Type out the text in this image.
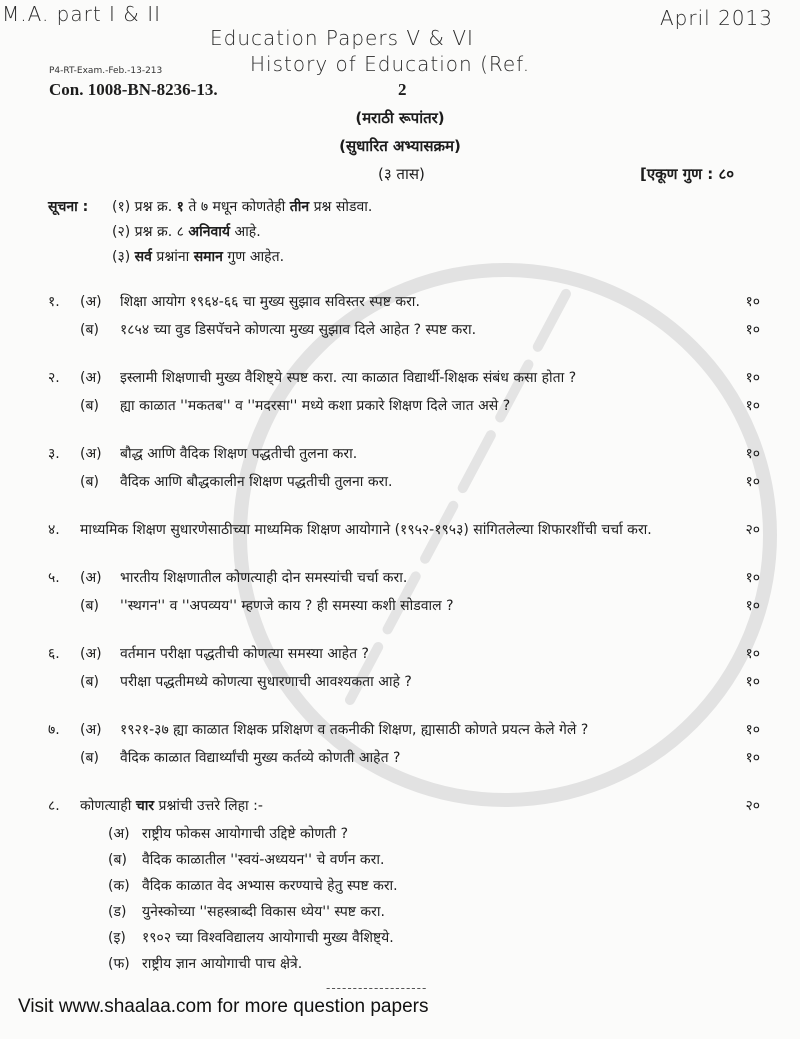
M.A. part I & II
Education Papers V & VI
History of Education (Ref.
April 2013
P4-RT-Exam.-Feb.-13-213
Con. 1008-BN-8236-13.	2
(मराठी रूपांतर)
(सुधारित अभ्यासक्रम)
(३ तास)	[एकूण गुण : ८०
सूचना :	(१) प्रश्न क्र. १ ते ७ मधून कोणतेही तीन प्रश्न सोडवा.
(२) प्रश्न क्र. ८ अनिवार्य आहे.
(३) सर्व प्रश्नांना समान गुण आहेत.
१.	(अ)	शिक्षा आयोग १९६४-६६ चा मुख्य सुझाव सविस्तर स्पष्ट करा.	१०
(ब)	१८५४ च्या वुड डिसपॅचने कोणत्या मुख्य सुझाव दिले आहेत ? स्पष्ट करा.	१०
२.	(अ)	इस्लामी शिक्षणाची मुख्य वैशिष्ट्ये स्पष्ट करा. त्या काळात विद्यार्थी-शिक्षक संबंध कसा होता ?	१०
(ब)	ह्या काळात ''मकतब'' व ''मदरसा'' मध्ये कशा प्रकारे शिक्षण दिले जात असे ?	१०
३.	(अ)	बौद्ध आणि वैदिक शिक्षण पद्धतीची तुलना करा.	१०
(ब)	वैदिक आणि बौद्धकालीन शिक्षण पद्धतीची तुलना करा.	१०
४.	माध्यमिक शिक्षण सुधारणेसाठीच्या माध्यमिक शिक्षण आयोगाने (१९५२-१९५३) सांगितलेल्या शिफारशींची चर्चा करा.	२०
५.	(अ)	भारतीय शिक्षणातील कोणत्याही दोन समस्यांची चर्चा करा.	१०
(ब)	''स्थगन'' व ''अपव्यय'' म्हणजे काय ? ही समस्या कशी सोडवाल ?	१०
६.	(अ)	वर्तमान परीक्षा पद्धतीची कोणत्या समस्या आहेत ?	१०
(ब)	परीक्षा पद्धतीमध्ये कोणत्या सुधारणाची आवश्यकता आहे ?	१०
७.	(अ)	१९२१-३७ ह्या काळात शिक्षक प्रशिक्षण व तकनीकी शिक्षण, ह्यासाठी कोणते प्रयत्न केले गेले ?	१०
(ब)	वैदिक काळात विद्यार्थ्यांची मुख्य कर्तव्ये कोणती आहेत ?	१०
८.	कोणत्याही चार प्रश्नांची उत्तरे लिहा :-	२०
(अ) राष्ट्रीय फोकस आयोगाची उद्दिष्टे कोणती ?
(ब)	वैदिक काळातील ''स्वयं-अध्ययन'' चे वर्णन करा.
(क) वैदिक काळात वेद अभ्यास करण्याचे हेतु स्पष्ट करा.
(ड)	युनेस्कोच्या ''सहस्त्राब्दी विकास ध्येय'' स्पष्ट करा.
(इ)	१९०२ च्या विश्वविद्यालय आयोगाची मुख्य वैशिष्ट्ये.
(फ) राष्ट्रीय ज्ञान आयोगाची पाच क्षेत्रे.
-------------------
Visit www.shaalaa.com for more question papers
